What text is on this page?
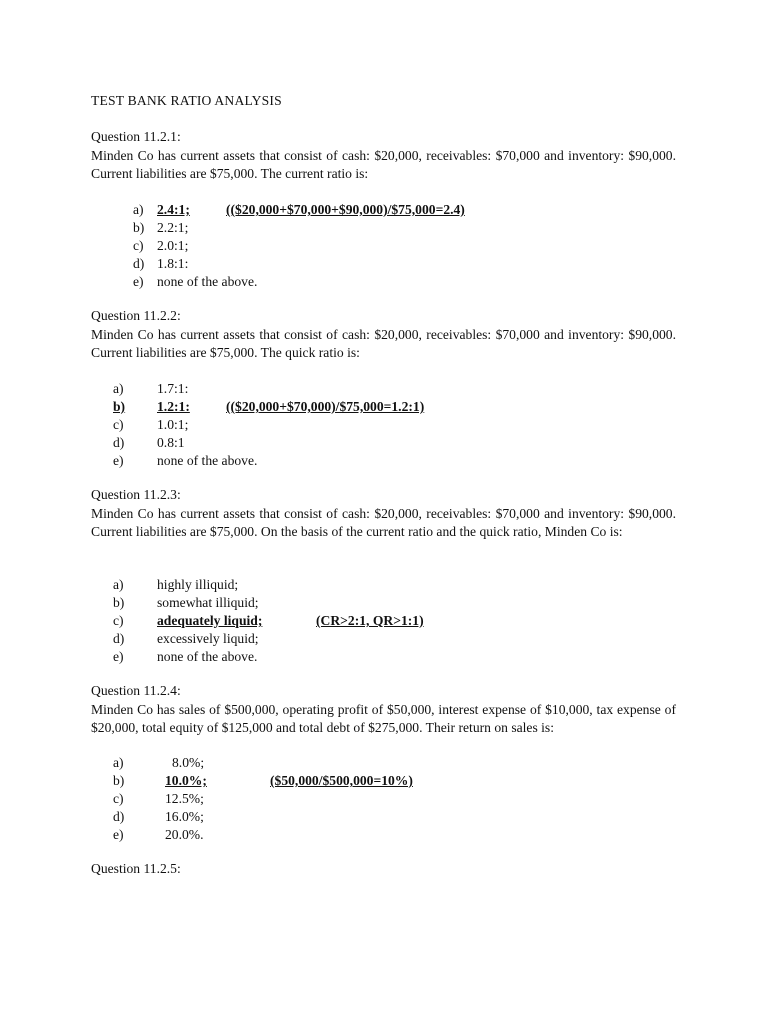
TEST BANK RATIO ANALYSIS
Question 11.2.1:
Minden Co has current assets that consist of cash: $20,000, receivables: $70,000 and inventory: $90,000. Current liabilities are $75,000. The current ratio is:
a) 2.4:1;	(($20,000+$70,000+$90,000)/$75,000=2.4)
b) 2.2:1;
c) 2.0:1;
d) 1.8:1:
e) none of the above.
Question 11.2.2:
Minden Co has current assets that consist of cash: $20,000, receivables: $70,000 and inventory: $90,000. Current liabilities are $75,000. The quick ratio is:
a) 1.7:1:
b) 1.2:1:	(($20,000+$70,000)/$75,000=1.2:1)
c) 1.0:1;
d) 0.8:1
e) none of the above.
Question 11.2.3:
Minden Co has current assets that consist of cash: $20,000, receivables: $70,000 and inventory: $90,000. Current liabilities are $75,000. On the basis of the current ratio and the quick ratio, Minden Co is:
a) highly illiquid;
b) somewhat illiquid;
c) adequately liquid;	(CR>2:1, QR>1:1)
d) excessively liquid;
e) none of the above.
Question 11.2.4:
Minden Co has sales of $500,000, operating profit of $50,000, interest expense of $10,000, tax expense of $20,000, total equity of $125,000 and total debt of $275,000. Their return on sales is:
a)	8.0%;
b)	10.0%;	($50,000/$500,000=10%)
c)	12.5%;
d)	16.0%;
e)	20.0%.
Question 11.2.5:
